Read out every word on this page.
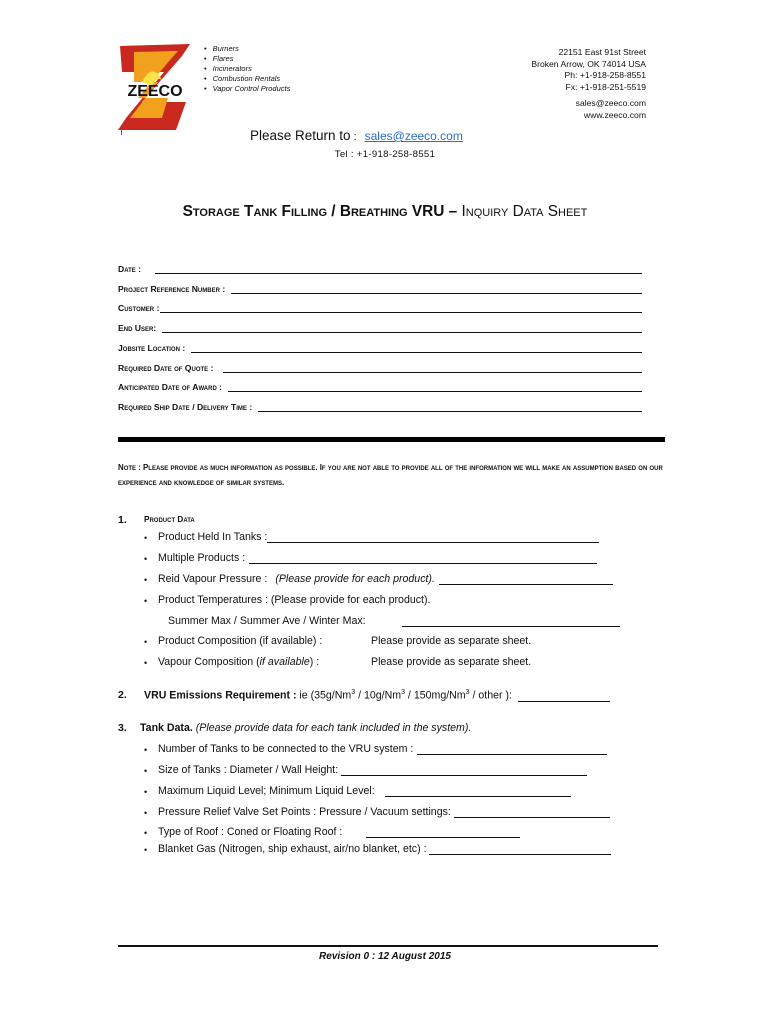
ZEECO
• Burners
• Flares
• Incinerators
• Combustion Rentals
• Vapor Control Products
22151 East 91st Street
Broken Arrow, OK 74014 USA
Ph: +1-918-258-8551
Fx: +1-918-251-5519
sales@zeeco.com
www.zeeco.com
Please Return to : sales@zeeco.com
Tel : +1-918-258-8551
Storage Tank Filling / Breathing VRU – Inquiry Data Sheet
Date :
Project Reference Number :
Customer :
End User:
Jobsite Location :
Required Date of Quote :
Anticipated Date of Award :
Required Ship Date / Delivery Time :
Note : Please provide as much information as possible. If you are not able to provide all of the information we will make an assumption based on our experience and knowledge of similar systems.
1. Product Data
•	Product Held In Tanks :
•	Multiple Products :
•	Reid Vapour Pressure : (Please provide for each product).
•	Product Temperatures : (Please provide for each product).
Summer Max / Summer Ave / Winter Max:
•	Product Composition (if available) :	Please provide as separate sheet.
•	Vapour Composition (if available) :	Please provide as separate sheet.
2. VRU Emissions Requirement : ie (35g/Nm$^3$ / 10g/Nm$^3$ / 150mg/Nm$^3$ / other ):
3. Tank Data. (Please provide data for each tank included in the system).
•	Number of Tanks to be connected to the VRU system :
•	Size of Tanks : Diameter / Wall Height:
•	Maximum Liquid Level; Minimum Liquid Level:
•	Pressure Relief Valve Set Points : Pressure / Vacuum settings:
•	Type of Roof : Coned or Floating Roof :
•	Blanket Gas (Nitrogen, ship exhaust, air/no blanket, etc) :
Revision 0 : 12 August 2015
